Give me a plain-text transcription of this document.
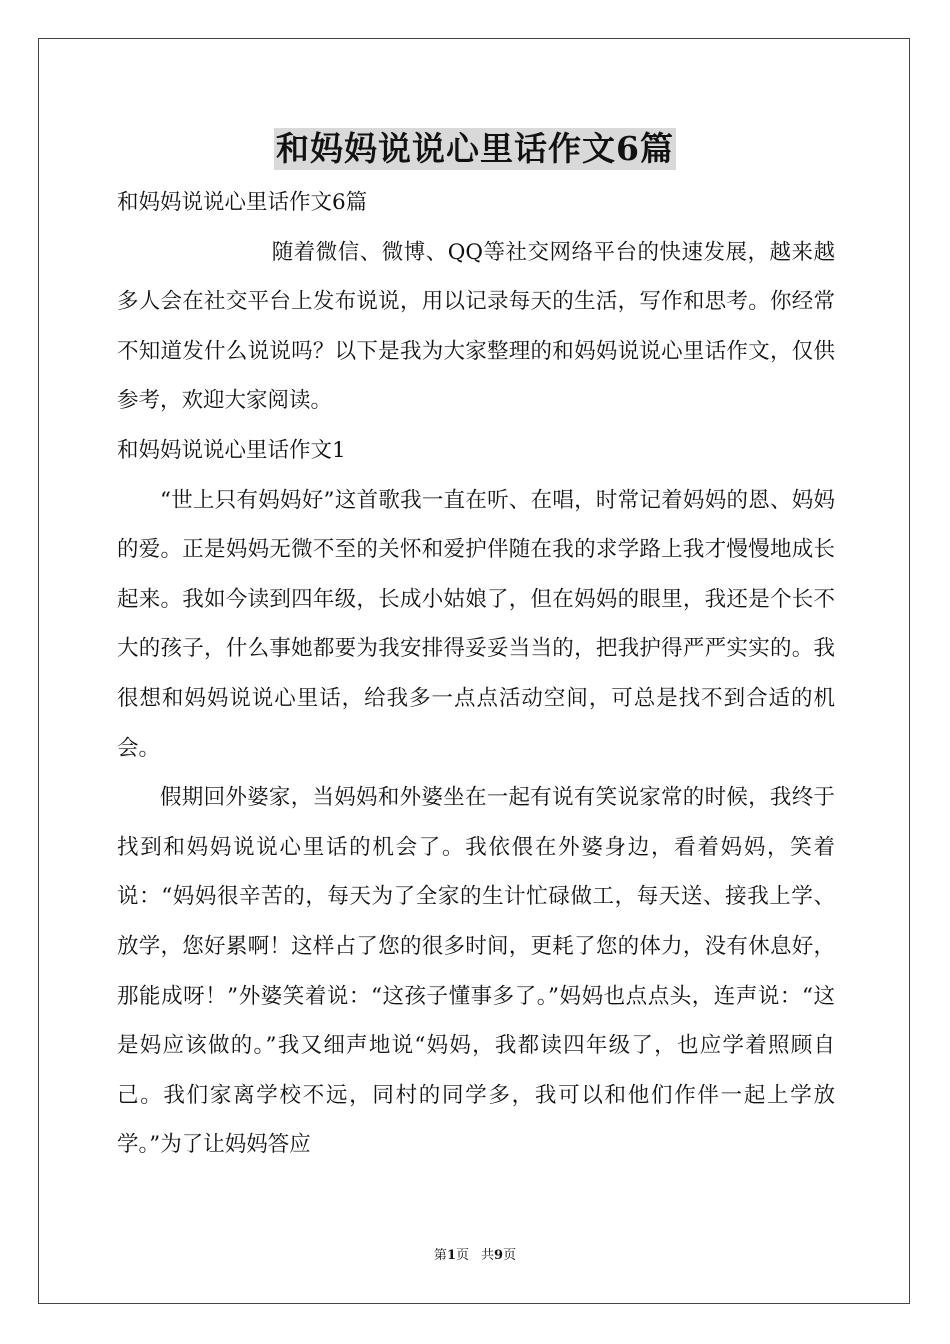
和妈妈说说心里话作文6篇

和妈妈说说心里话作文6篇

随着微信、微博、QQ等社交网络平台的快速发展，越来越多人会在社交平台上发布说说，用以记录每天的生活，写作和思考。你经常不知道发什么说说吗？以下是我为大家整理的和妈妈说说心里话作文，仅供参考，欢迎大家阅读。

和妈妈说说心里话作文1

“世上只有妈妈好”这首歌我一直在听、在唱，时常记着妈妈的恩、妈妈的爱。正是妈妈无微不至的关怀和爱护伴随在我的求学路上我才慢慢地成长起来。我如今读到四年级，长成小姑娘了，但在妈妈的眼里，我还是个长不大的孩子，什么事她都要为我安排得妥妥当当的，把我护得严严实实的。我很想和妈妈说说心里话，给我多一点点活动空间，可总是找不到合适的机会。

假期回外婆家，当妈妈和外婆坐在一起有说有笑说家常的时候，我终于找到和妈妈说说心里话的机会了。我依偎在外婆身边，看着妈妈，笑着说：“妈妈很辛苦的，每天为了全家的生计忙碌做工，每天送、接我上学、放学，您好累啊！这样占了您的很多时间，更耗了您的体力，没有休息好，那能成呀！”外婆笑着说：“这孩子懂事多了。”妈妈也点点头，连声说：“这是妈应该做的。”我又细声地说“妈妈，我都读四年级了，也应学着照顾自己。我们家离学校不远，同村的同学多，我可以和他们作伴一起上学放学。”为了让妈妈答应

第1页 共9页
